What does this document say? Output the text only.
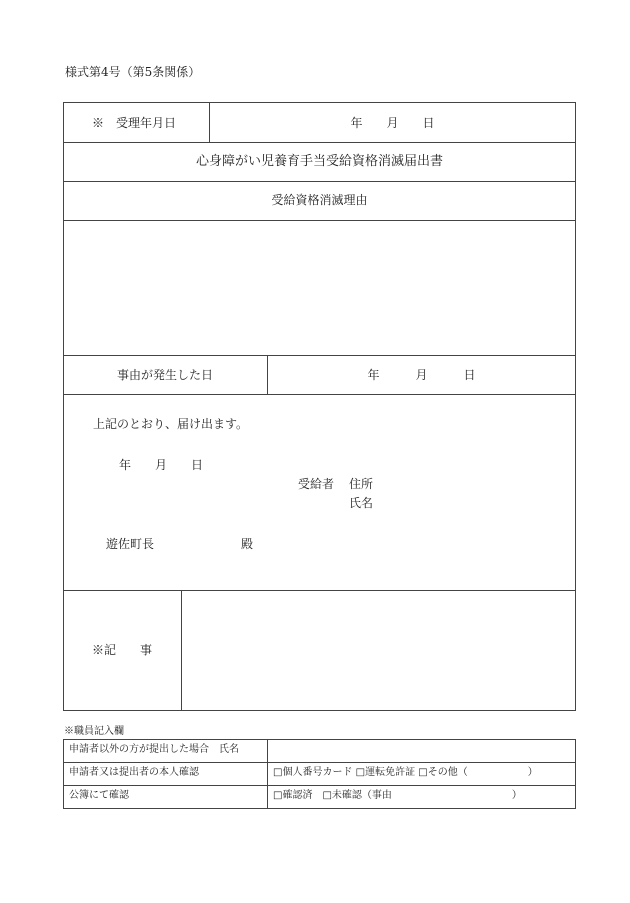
様式第4号（第5条関係）
※　受理年月日	年　　月　　日
心身障がい児養育手当受給資格消滅届出書
受給資格消滅理由
事由が発生した日	年　　　月　　　日
上記のとおり、届け出ます。
年　　月　　日
受給者 住所
氏名
遊佐町長	殿
※記　　事
※職員記入欄
申請者以外の方が提出した場合　氏名
申請者又は提出者の本人確認	□個人番号カード □運転免許証 □その他（　　　　　　）
公簿にて確認	□確認済　□未確認（事由　　　　　　　　　　　　）
